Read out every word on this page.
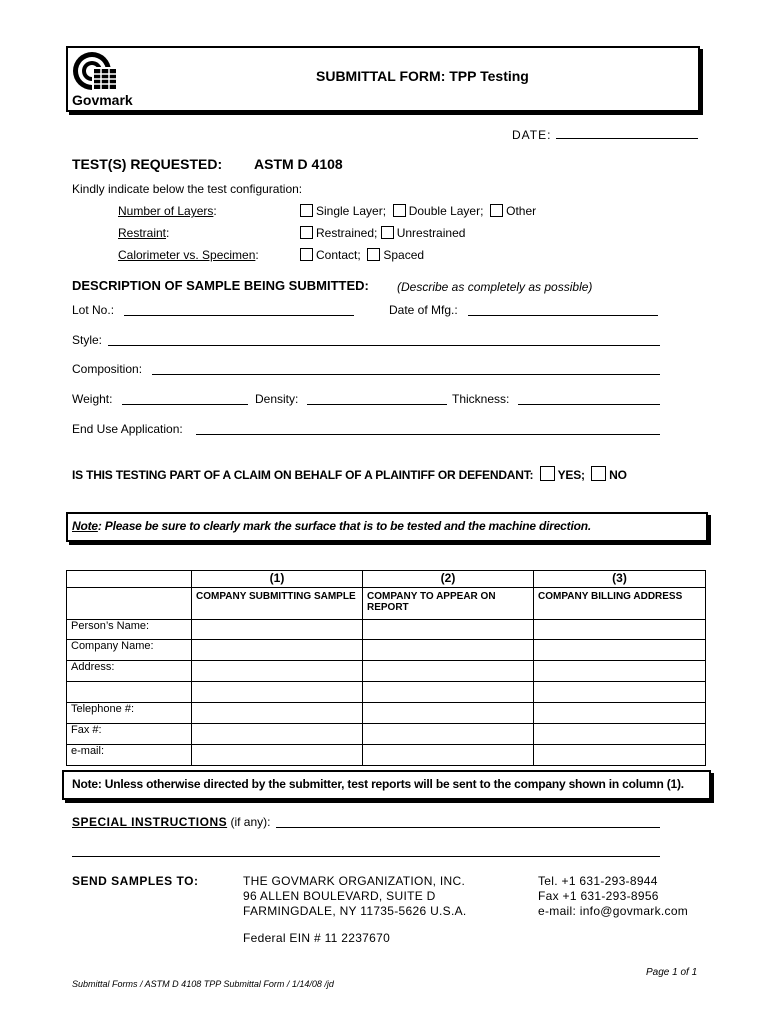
Govmark
SUBMITTAL FORM: TPP Testing
DATE:
TEST(S) REQUESTED: ASTM D 4108
Kindly indicate below the test configuration:
Number of Layers:	Single Layer; Double Layer; Other
Restraint:	Restrained; Unrestrained
Calorimeter vs. Specimen:	Contact; Spaced
DESCRIPTION OF SAMPLE BEING SUBMITTED: (Describe as completely as possible)
Lot No.:	Date of Mfg.:
Style:
Composition:
Weight:	Density:	Thickness:
End Use Application:
IS THIS TESTING PART OF A CLAIM ON BEHALF OF A PLAINTIFF OR DEFENDANT: YES; NO
Note: Please be sure to clearly mark the surface that is to be tested and the machine direction.
	(1)	(2)	(3)
	COMPANY SUBMITTING SAMPLE	COMPANY TO APPEAR ON REPORT	COMPANY BILLING ADDRESS
Person’s Name:			
Company Name:			
Address:			

Telephone #:			
Fax #:			
e-mail:			
Note: Unless otherwise directed by the submitter, test reports will be sent to the company shown in column (1).
SPECIAL INSTRUCTIONS (if any):
SEND SAMPLES TO:	THE GOVMARK ORGANIZATION, INC.
96 ALLEN BOULEVARD, SUITE D
FARMINGDALE, NY 11735-5626 U.S.A.
Federal EIN # 11 2237670
Tel. +1 631-293-8944
Fax +1 631-293-8956
e-mail: info@govmark.com
Page 1 of 1
Submittal Forms / ASTM D 4108 TPP Submittal Form / 1/14/08 /jd
